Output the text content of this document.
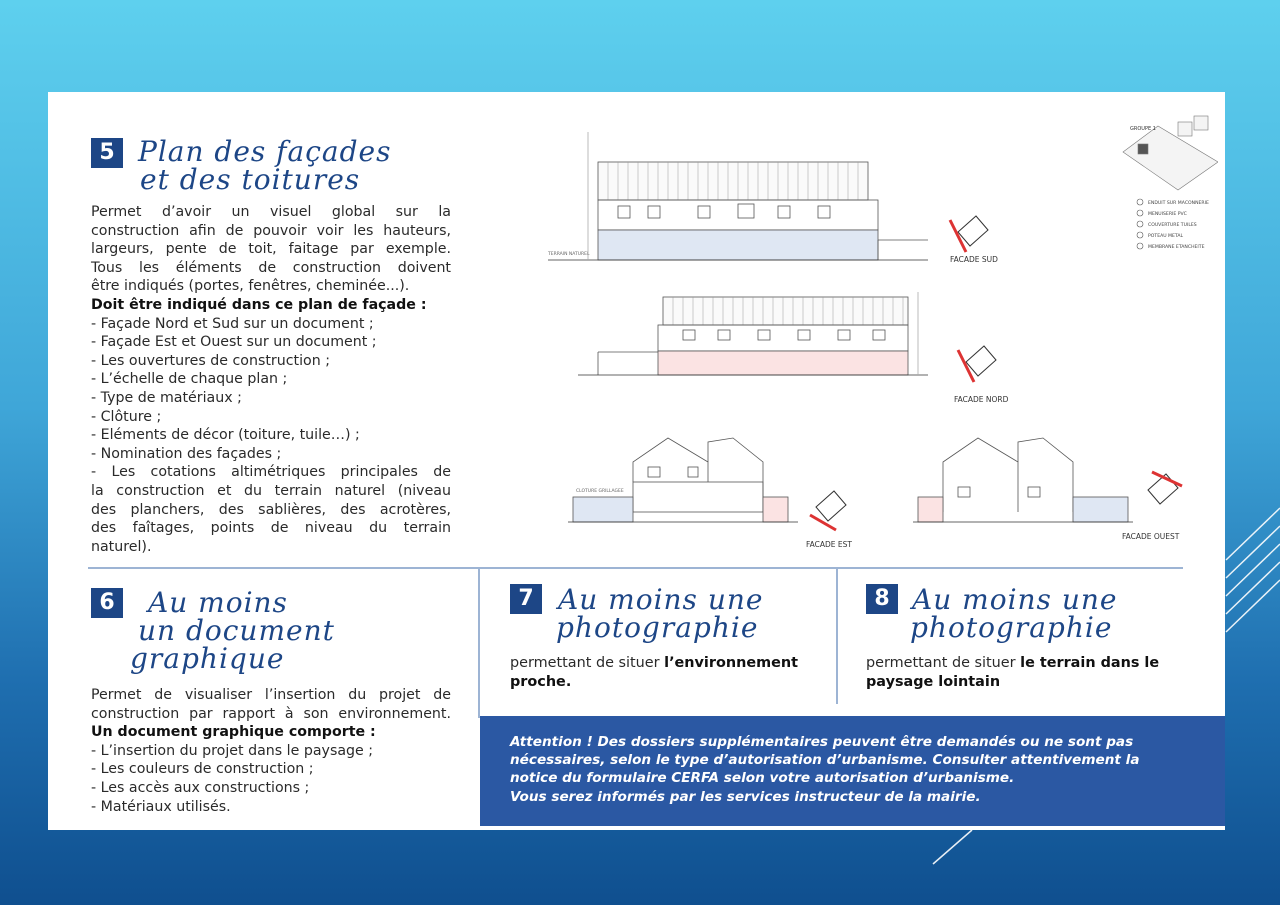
5 Plan des façades
et des toitures
Permet d’avoir un visuel global sur la
construction afin de pouvoir voir les hauteurs,
largeurs, pente de toit, faitage par exemple.
Tous les éléments de construction doivent
être indiqués (portes, fenêtres, cheminée...).
Doit être indiqué dans ce plan de façade :
- Façade Nord et Sud sur un document ;
- Façade Est et Ouest sur un document ;
- Les ouvertures de construction ;
- L’échelle de chaque plan ;
- Type de matériaux ;
- Clôture ;
- Eléments de décor (toiture, tuile…) ;
- Nomination des façades ;
- Les cotations altimétriques principales de
la construction et du terrain naturel (niveau
des planchers, des sablières, des acrotères,
des faîtages, points de niveau du terrain
naturel).
FACADE SUD
TERRAIN NATUREL
GROUPE 1
ENDUIT SUR MACONNERIE
MENUISERIE PVC
COUVERTURE TUILES
POTEAU METAL
MEMBRANE ETANCHEITE
FACADE NORD
FACADE EST
CLOTURE GRILLAGEE
FACADE OUEST
6 Au moins
un document
graphique
Permet de visualiser l’insertion du projet de
construction par rapport à son environnement.
Un document graphique comporte :
- L’insertion du projet dans le paysage ;
- Les couleurs de construction ;
- Les accès aux constructions ;
- Matériaux utilisés.
7 Au moins une
photographie
permettant de situer l’environnement
proche.
8 Au moins une
photographie
permettant de situer le terrain dans le
paysage lointain
Attention ! Des dossiers supplémentaires peuvent être demandés ou ne sont pas
nécessaires, selon le type d’autorisation d’urbanisme. Consulter attentivement la
notice du formulaire CERFA selon votre autorisation d’urbanisme.
Vous serez informés par les services instructeur de la mairie.
